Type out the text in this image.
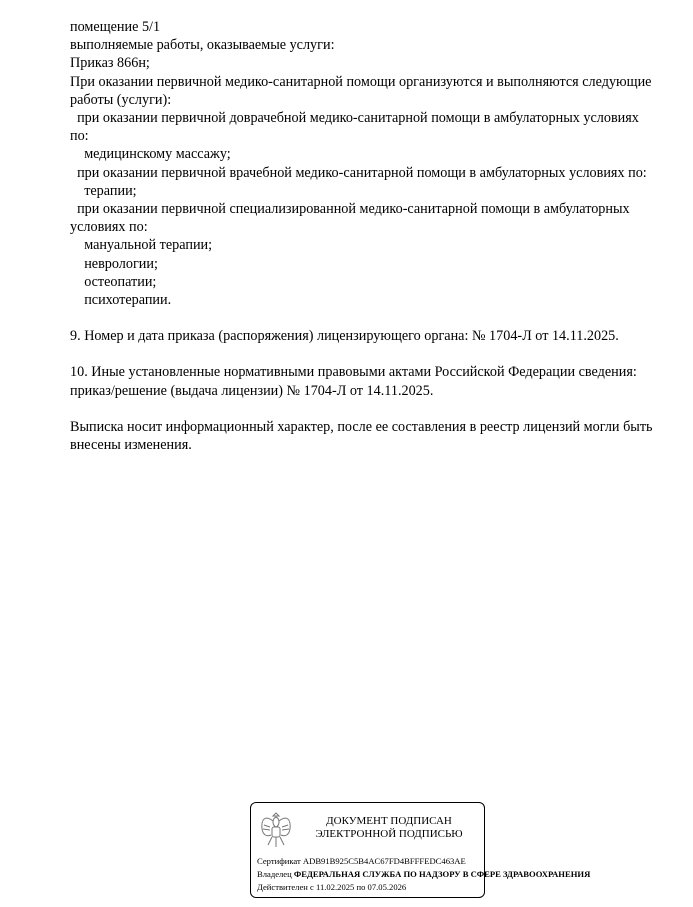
помещение 5/1
выполняемые работы, оказываемые услуги:
Приказ 866н;
При оказании первичной медико-санитарной помощи организуются и выполняются следующие
работы (услуги):
при оказании первичной доврачебной медико-санитарной помощи в амбулаторных условиях
по:
медицинскому массажу;
при оказании первичной врачебной медико-санитарной помощи в амбулаторных условиях по:
терапии;
при оказании первичной специализированной медико-санитарной помощи в амбулаторных
условиях по:
мануальной терапии;
неврологии;
остеопатии;
психотерапии.
9. Номер и дата приказа (распоряжения) лицензирующего органа: № 1704-Л от 14.11.2025.
10. Иные установленные нормативными правовыми актами Российской Федерации сведения:
приказ/решение (выдача лицензии) № 1704-Л от 14.11.2025.
Выписка носит информационный характер, после ее составления в реестр лицензий могли быть
внесены изменения.
ДОКУМЕНТ ПОДПИСАН
ЭЛЕКТРОННОЙ ПОДПИСЬЮ
Сертификат ADB91B925C5B4AC67FD4BFFFEDC463AE
Владелец ФЕДЕРАЛЬНАЯ СЛУЖБА ПО НАДЗОРУ В СФЕРЕ ЗДРАВООХРАНЕНИЯ
Действителен с 11.02.2025 по 07.05.2026
